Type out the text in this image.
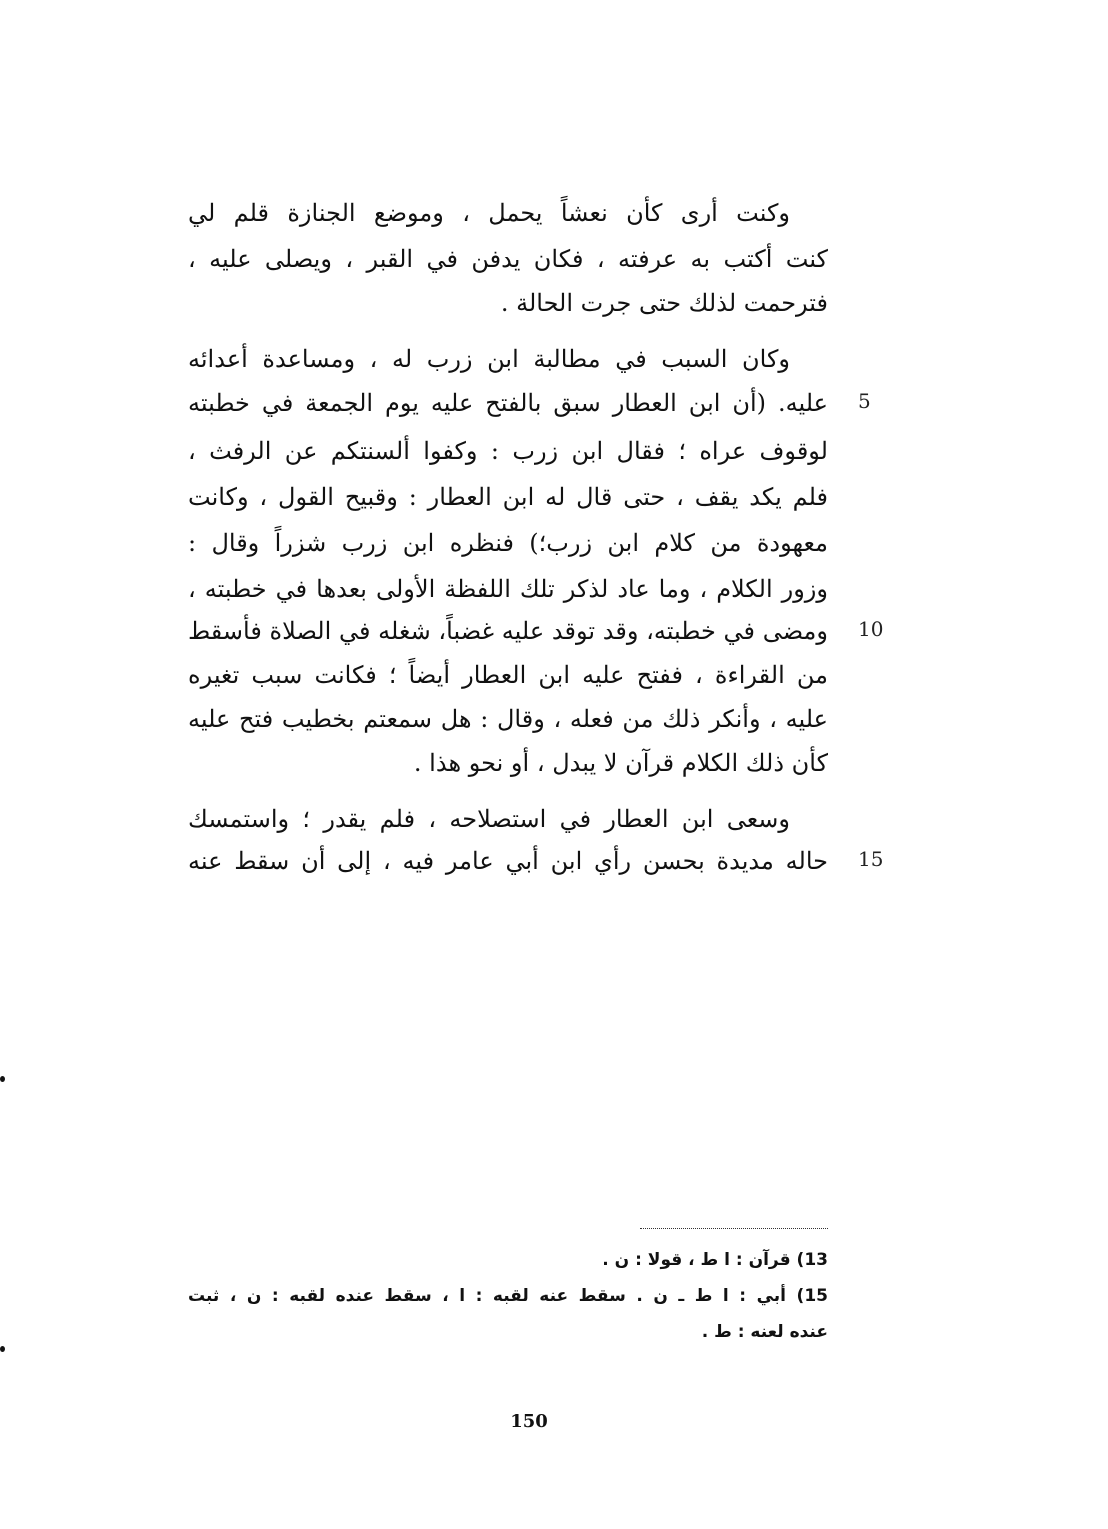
وكنت أرى كأن نعشاً يحمل ، وموضع الجنازة قلم لي
كنت أكتب به عرفته ، فكان يدفن في القبر ، ويصلى عليه ،
فترحمت لذلك حتى جرت الحالة .
وكان السبب في مطالبة ابن زرب له ، ومساعدة أعدائه
عليه. (أن ابن العطار سبق بالفتح عليه يوم الجمعة في خطبته
لوقوف عراه ؛ فقال ابن زرب : وكفوا ألسنتكم عن الرفث ،
فلم يكد يقف ، حتى قال له ابن العطار : وقبيح القول ، وكانت
معهودة من كلام ابن زرب؛) فنظره ابن زرب شزراً وقال :
وزور الكلام ، وما عاد لذكر تلك اللفظة الأولى بعدها في خطبته ،
ومضى في خطبته، وقد توقد عليه غضباً، شغله في الصلاة فأسقط
من القراءة ، ففتح عليه ابن العطار أيضاً ؛ فكانت سبب تغيره
عليه ، وأنكر ذلك من فعله ، وقال : هل سمعتم بخطيب فتح عليه
كأن ذلك الكلام قرآن لا يبدل ، أو نحو هذا .
وسعى ابن العطار في استصلاحه ، فلم يقدر ؛ واستمسك
حاله مديدة بحسن رأي ابن أبي عامر فيه ، إلى أن سقط عنه
5
10
15
13) قرآن : ا ط ، قولا : ن .
15) أبي : ا ط ـ ن . سقط عنه لقبه : ا ، سقط عنده لقبه : ن ، ثبت
عنده لعنه : ط .
150
